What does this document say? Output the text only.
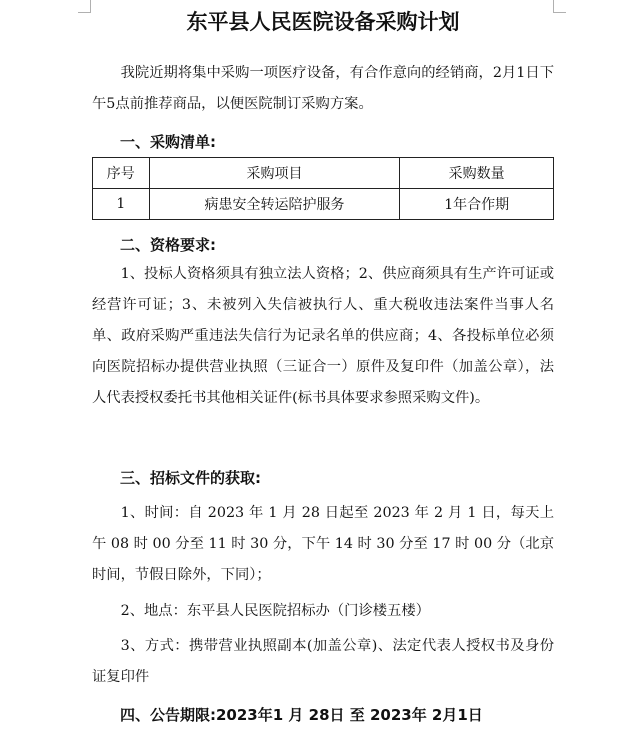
东平县人民医院设备采购计划

我院近期将集中采购一项医疗设备，有合作意向的经销商，2月1日下午5点前推荐商品，以便医院制订采购方案。

一、采购清单:
序号	采购项目	采购数量
1	病患安全转运陪护服务	1年合作期
二、资格要求:

1、投标人资格须具有独立法人资格；2、供应商须具有生产许可证或经营许可证；3、未被列入失信被执行人、重大税收违法案件当事人名单、政府采购严重违法失信行为记录名单的供应商；4、各投标单位必须向医院招标办提供营业执照（三证合一）原件及复印件（加盖公章），法人代表授权委托书其他相关证件(标书具体要求参照采购文件)。

三、招标文件的获取:

1、时间：自 2023 年 1 月 28 日起至 2023 年 2 月 1 日，每天上午 08 时 00 分至 11 时 30 分，下午 14 时 30 分至 17 时 00 分（北京时间，节假日除外，下同）；

2、地点：东平县人民医院招标办（门诊楼五楼）

3、方式：携带营业执照副本(加盖公章)、法定代表人授权书及身份证复印件

四、公告期限:2023年1 月 28日 至 2023年 2月1日
